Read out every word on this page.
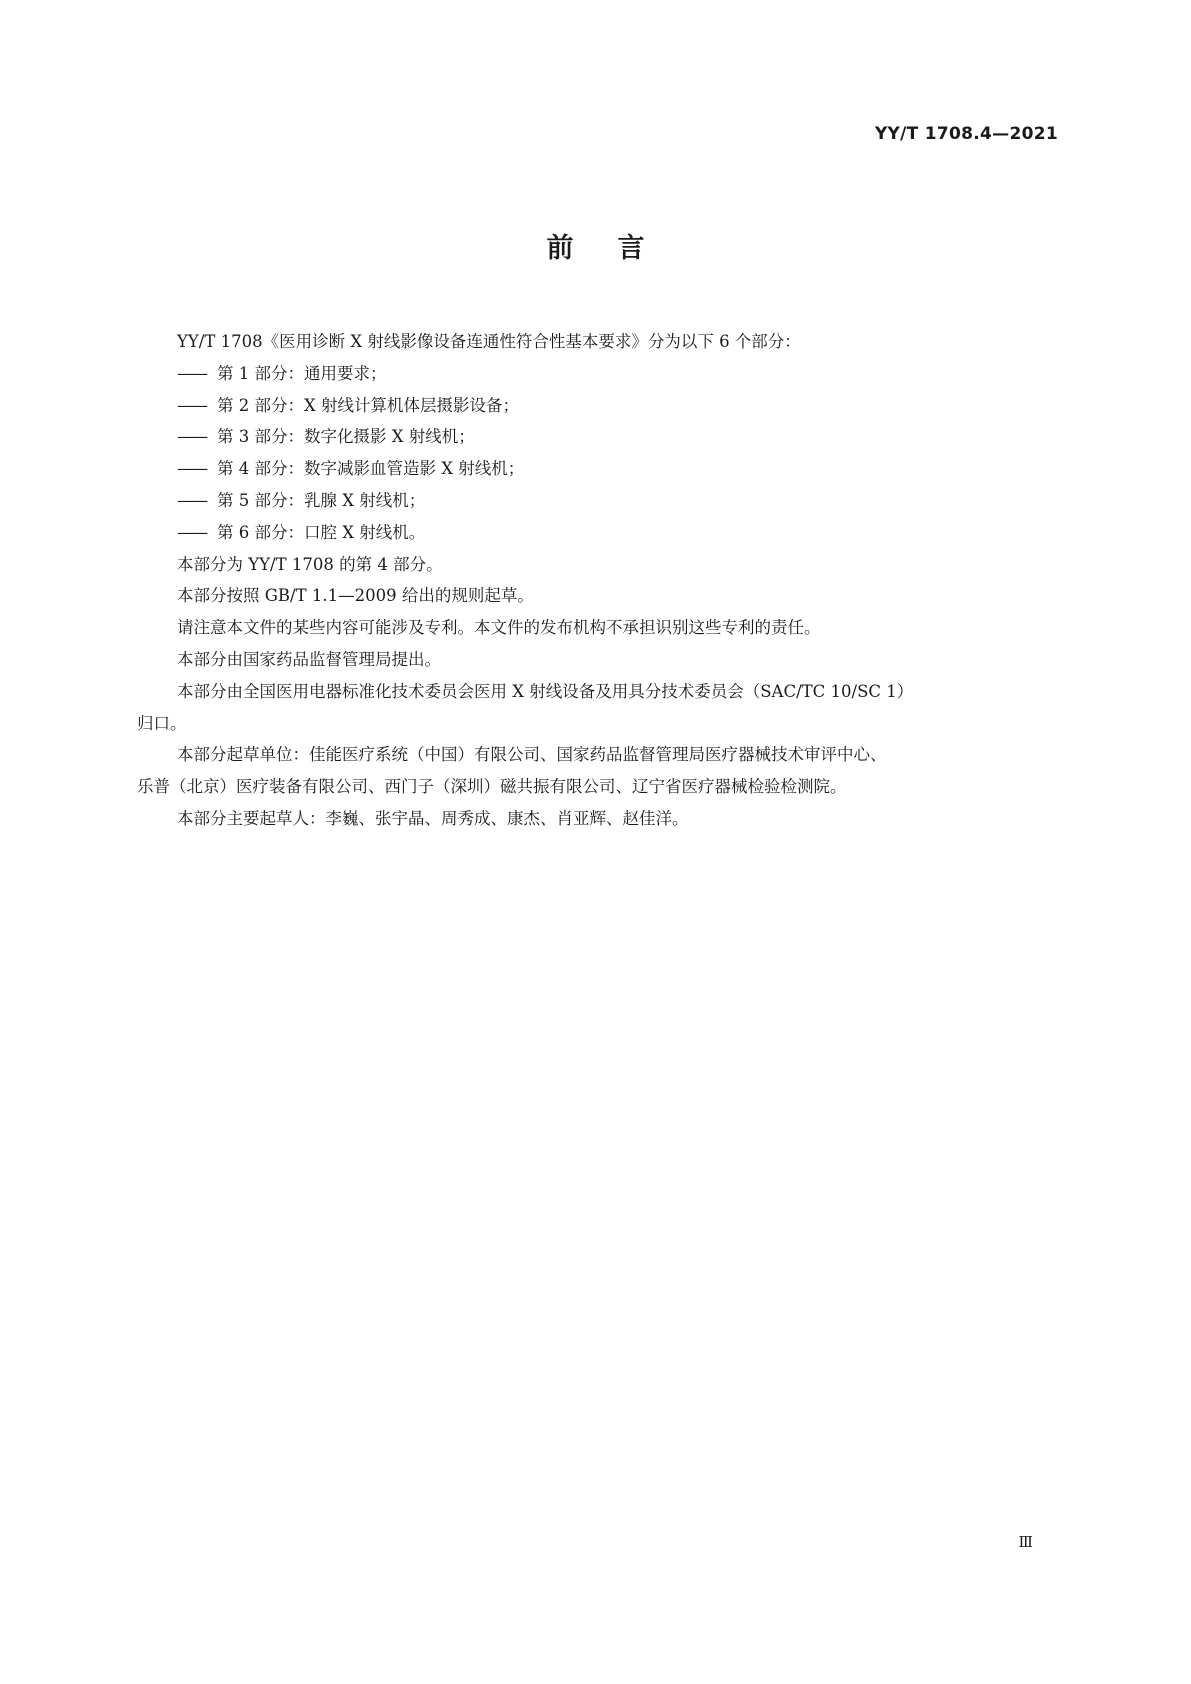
YY/T 1708.4—2021
前言
YY/T 1708《医用诊断 X 射线影像设备连通性符合性基本要求》分为以下 6 个部分：
—— 第 1 部分：通用要求；
—— 第 2 部分：X 射线计算机体层摄影设备；
—— 第 3 部分：数字化摄影 X 射线机；
—— 第 4 部分：数字减影血管造影 X 射线机；
—— 第 5 部分：乳腺 X 射线机；
—— 第 6 部分：口腔 X 射线机。
本部分为 YY/T 1708 的第 4 部分。
本部分按照 GB/T 1.1—2009 给出的规则起草。
请注意本文件的某些内容可能涉及专利。本文件的发布机构不承担识别这些专利的责任。
本部分由国家药品监督管理局提出。
本部分由全国医用电器标准化技术委员会医用 X 射线设备及用具分技术委员会（SAC/TC 10/SC 1）
归口。
本部分起草单位：佳能医疗系统（中国）有限公司、国家药品监督管理局医疗器械技术审评中心、
乐普（北京）医疗装备有限公司、西门子（深圳）磁共振有限公司、辽宁省医疗器械检验检测院。
本部分主要起草人：李巍、张宇晶、周秀成、康杰、肖亚辉、赵佳洋。
Ⅲ
